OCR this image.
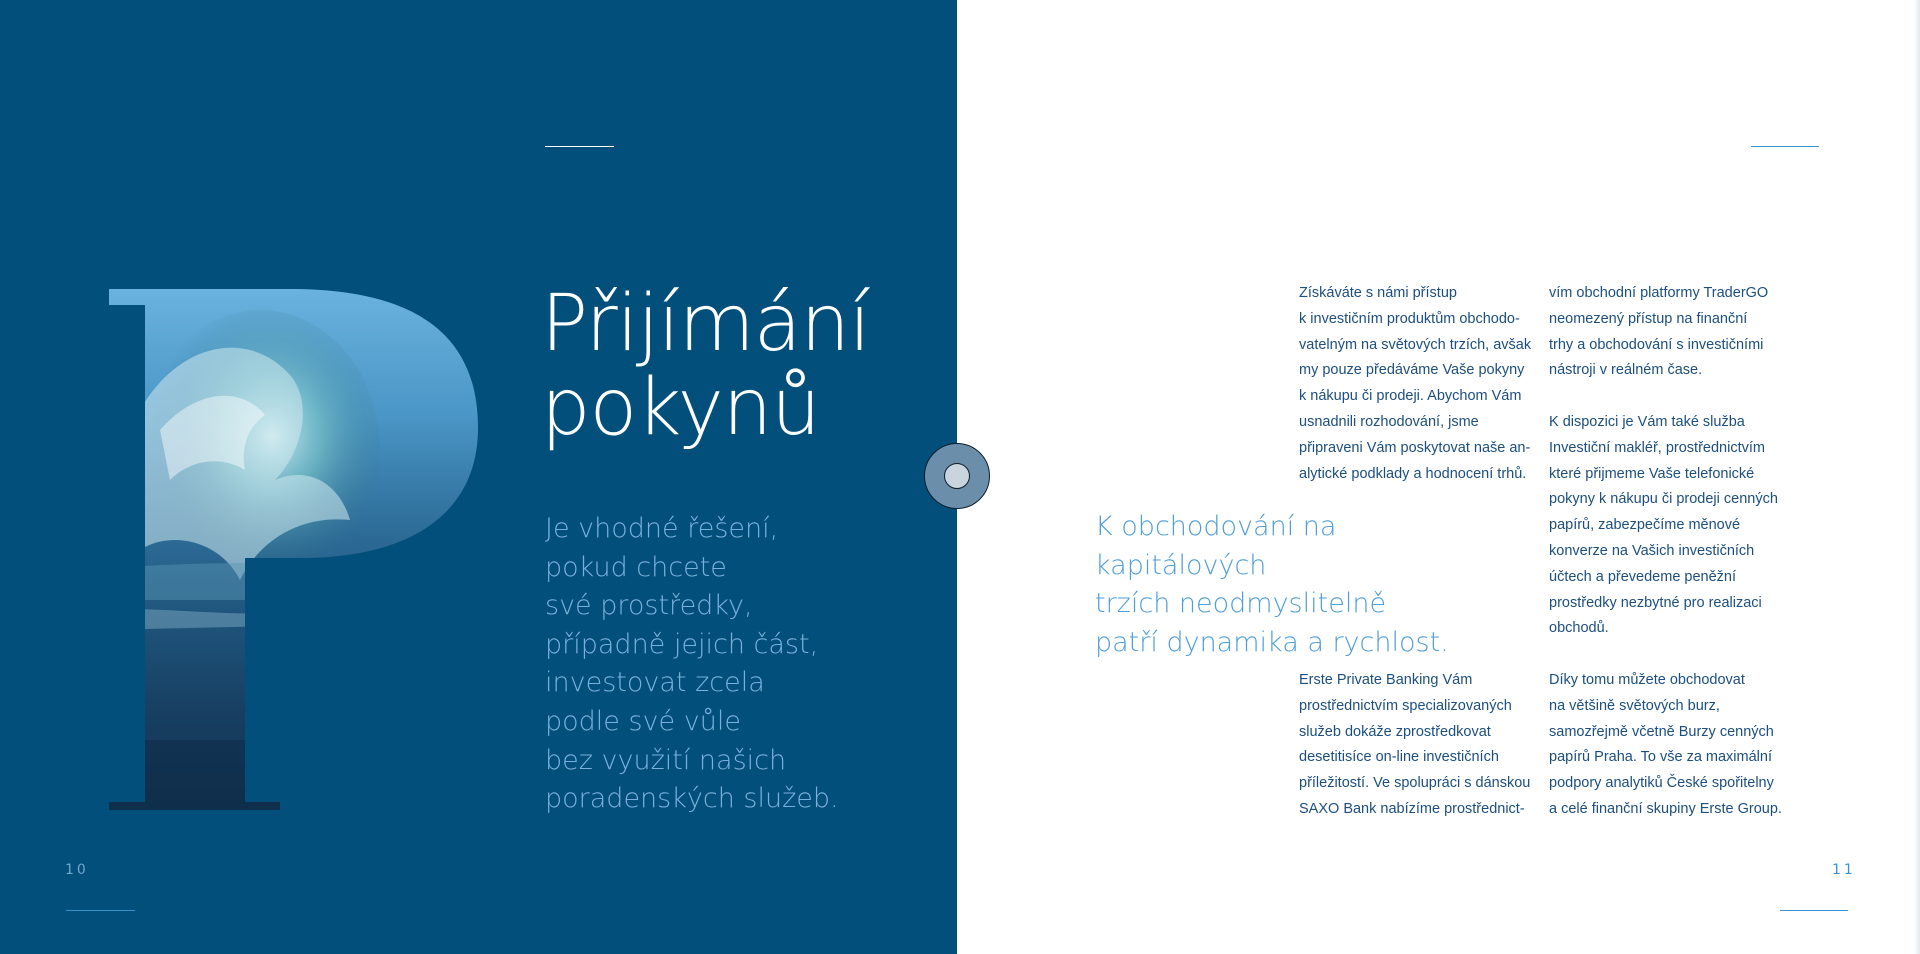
Přijímání
pokynů

Je vhodné řešení,
pokud chcete
své prostředky,
případně jejich část,
investovat zcela
podle své vůle
bez využití našich
poradenských služeb.

10

K obchodování na kapitálových
trzích neodmyslitelně
patří dynamika a rychlost.

Získáváte s námi přístup
k investičním produktům obchodo-
vatelným na světových trzích, avšak
my pouze předáváme Vaše pokyny
k nákupu či prodeji. Abychom Vám
usnadnili rozhodování, jsme
připraveni Vám poskytovat naše an-
alytické podklady a hodnocení trhů.

Erste Private Banking Vám
prostřednictvím specializovaných
služeb dokáže zprostředkovat
desetitisíce on-line investičních
příležitostí. Ve spolupráci s dánskou
SAXO Bank nabízíme prostřednict-

vím obchodní platformy TraderGO
neomezený přístup na finanční
trhy a obchodování s investičními
nástroji v reálném čase.

K dispozici je Vám také služba
Investiční makléř, prostřednictvím
které přijmeme Vaše telefonické
pokyny k nákupu či prodeji cenných
papírů, zabezpečíme měnové
konverze na Vašich investičních
účtech a převedeme peněžní
prostředky nezbytné pro realizaci
obchodů.

Díky tomu můžete obchodovat
na většině světových burz,
samozřejmě včetně Burzy cenných
papírů Praha. To vše za maximální
podpory analytiků České spořitelny
a celé finanční skupiny Erste Group.

11
